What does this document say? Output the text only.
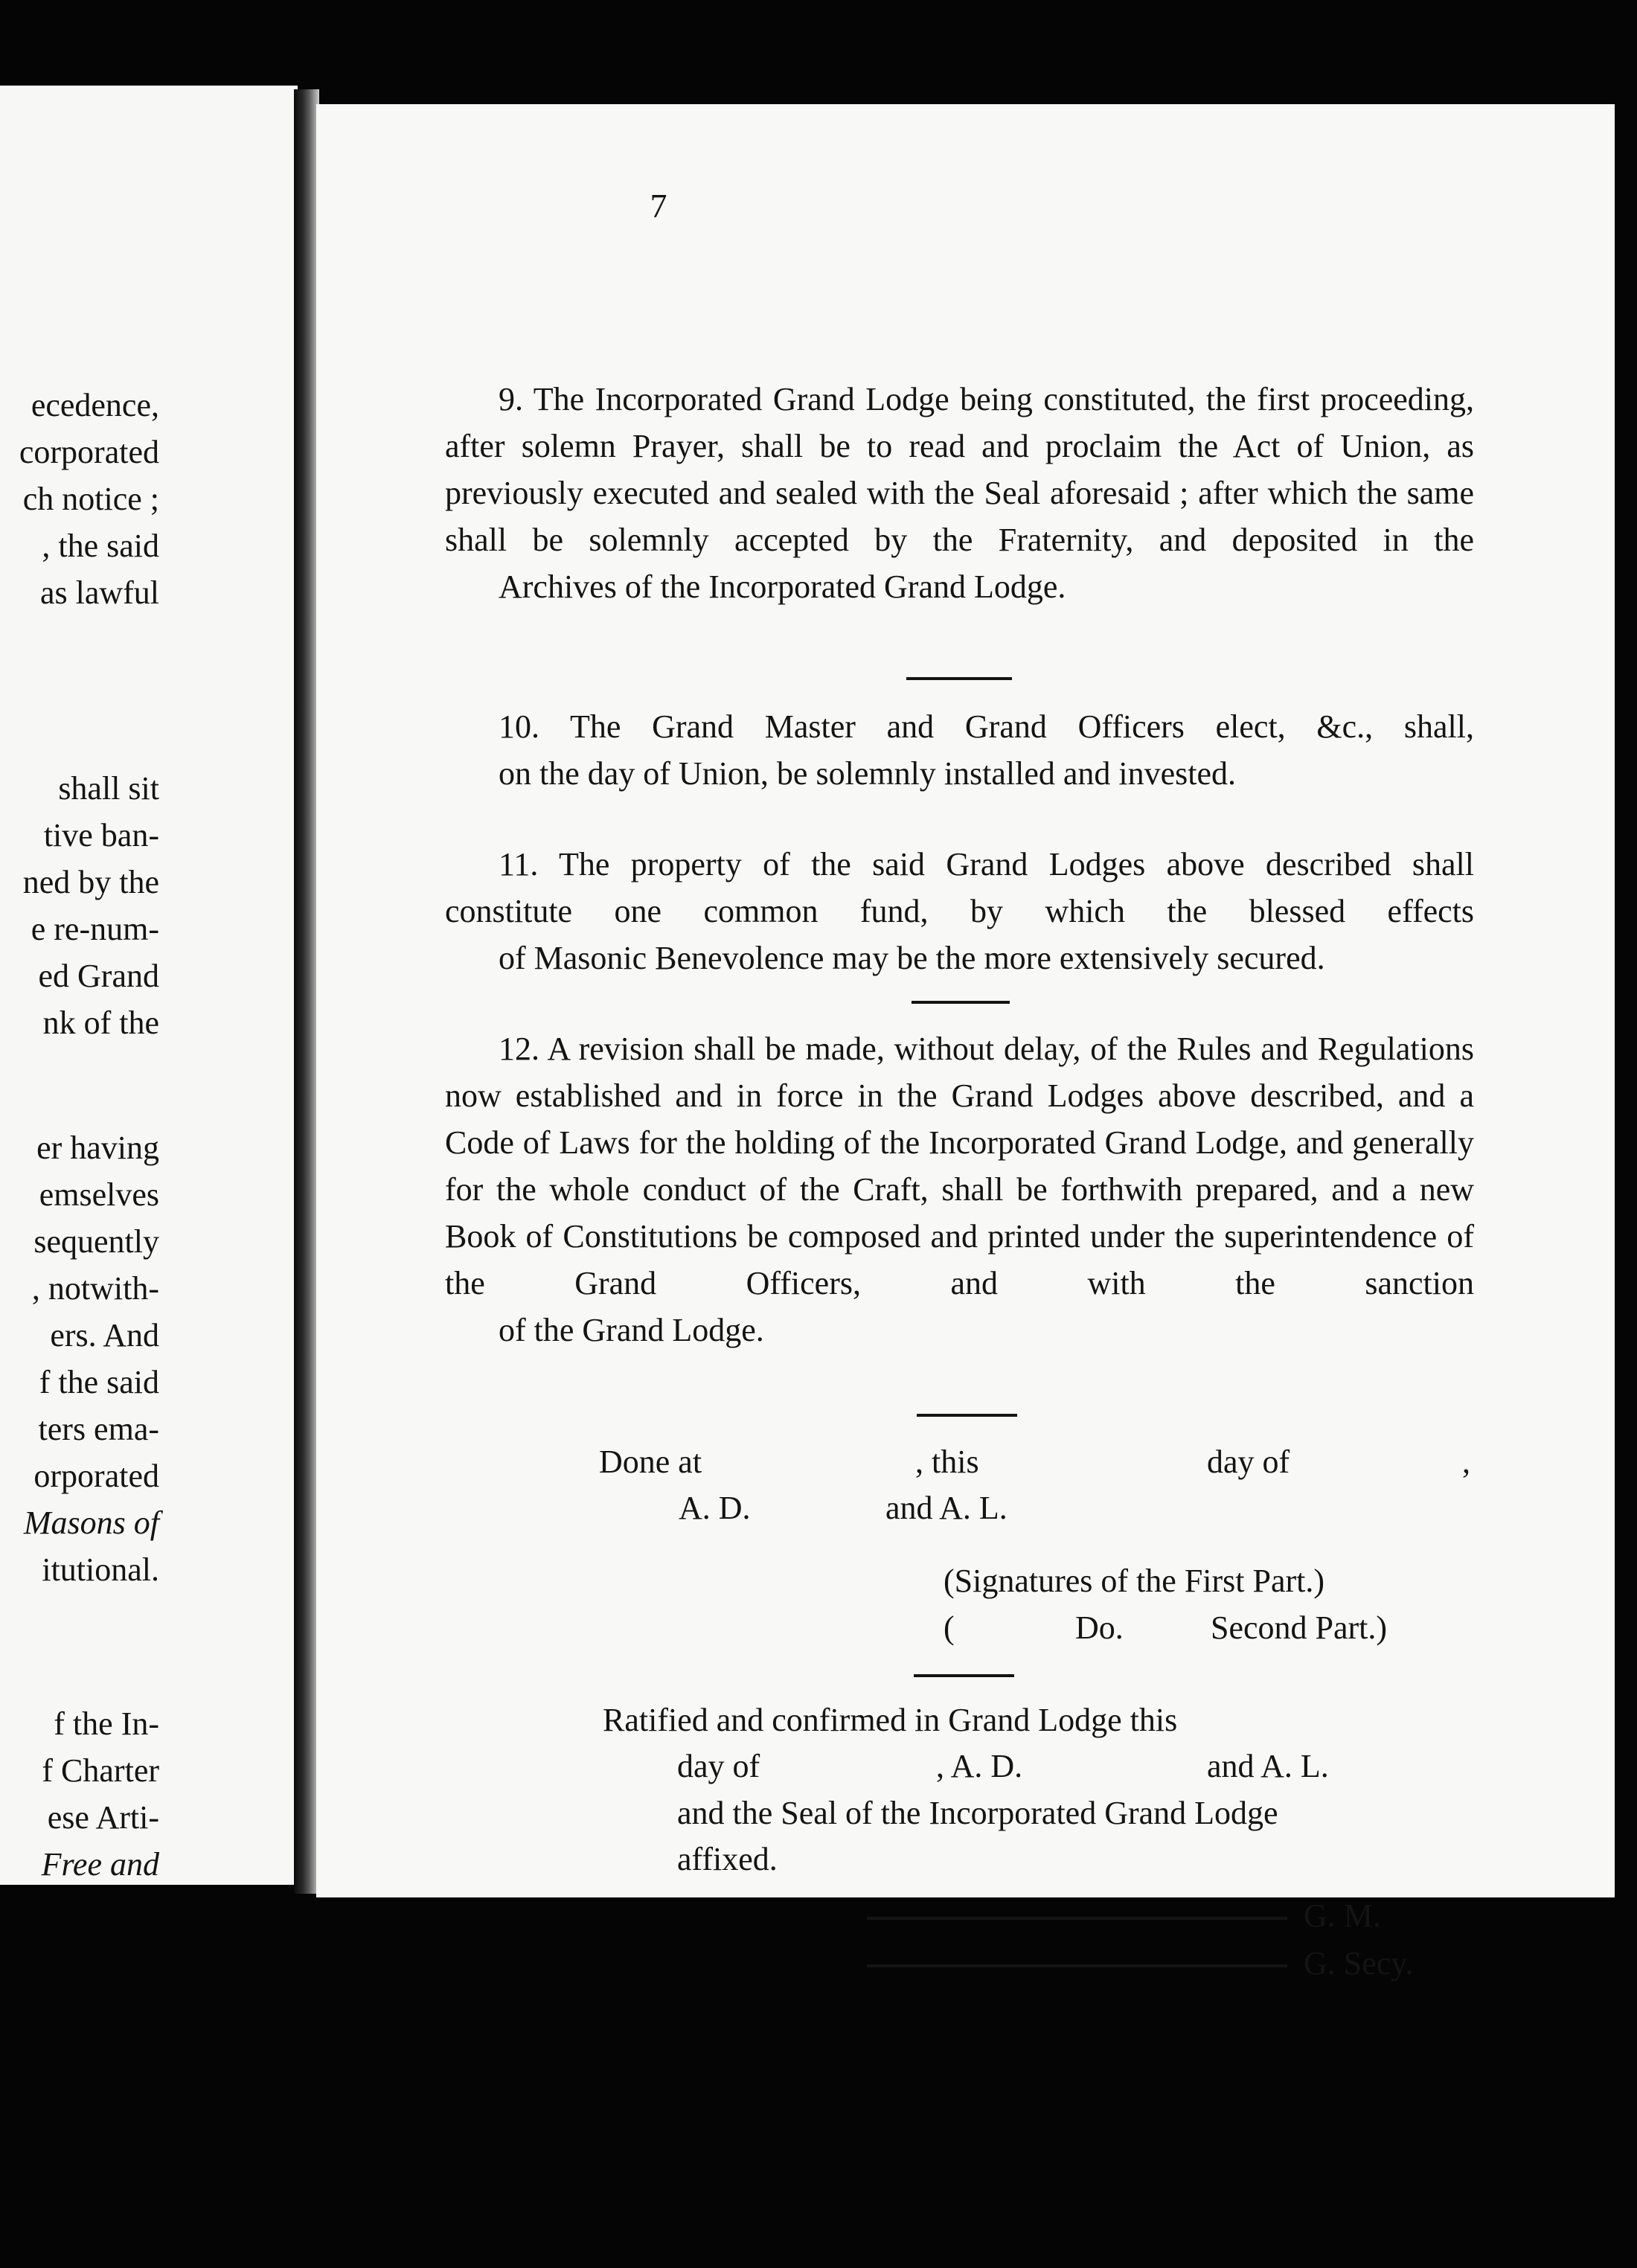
ecedence,
corporated
ch notice ;
, the said
as lawful
shall sit
tive ban-
ned by the
e re-num-
ed Grand
nk of the
er having
emselves
sequently
, notwith-
ers. And
f the said
ters ema-
orporated
Masons of
itutional.
f the In-
f Charter
ese Arti-
Free and
7

9. The Incorporated Grand Lodge being constituted, the first proceeding, after solemn Prayer, shall be to read and proclaim the Act of Union, as previously executed and sealed with the Seal aforesaid ; after which the same shall be solemnly accepted by the Fraternity, and deposited in the
Archives of the Incorporated Grand Lodge.

10. The Grand Master and Grand Officers elect, &c., shall,
on the day of Union, be solemnly installed and invested.

11. The property of the said Grand Lodges above described shall constitute one common fund, by which the blessed effects
of Masonic Benevolence may be the more extensively secured.

12. A revision shall be made, without delay, of the Rules and Regulations now established and in force in the Grand Lodges above described, and a Code of Laws for the holding of the Incorporated Grand Lodge, and generally for the whole conduct of the Craft, shall be forthwith prepared, and a new Book of Constitutions be composed and printed under the superintendence of the Grand Officers, and with the sanction
of the Grand Lodge.

Done at	, this	day of	,
A. D.	and A. L.
(Signatures of the First Part.)
(	Do.	Second Part.)
Ratified and confirmed in Grand Lodge this
day of	, A. D.	and A. L.
and the Seal of the Incorporated Grand Lodge
affixed.
G. M.
G. Secy.
